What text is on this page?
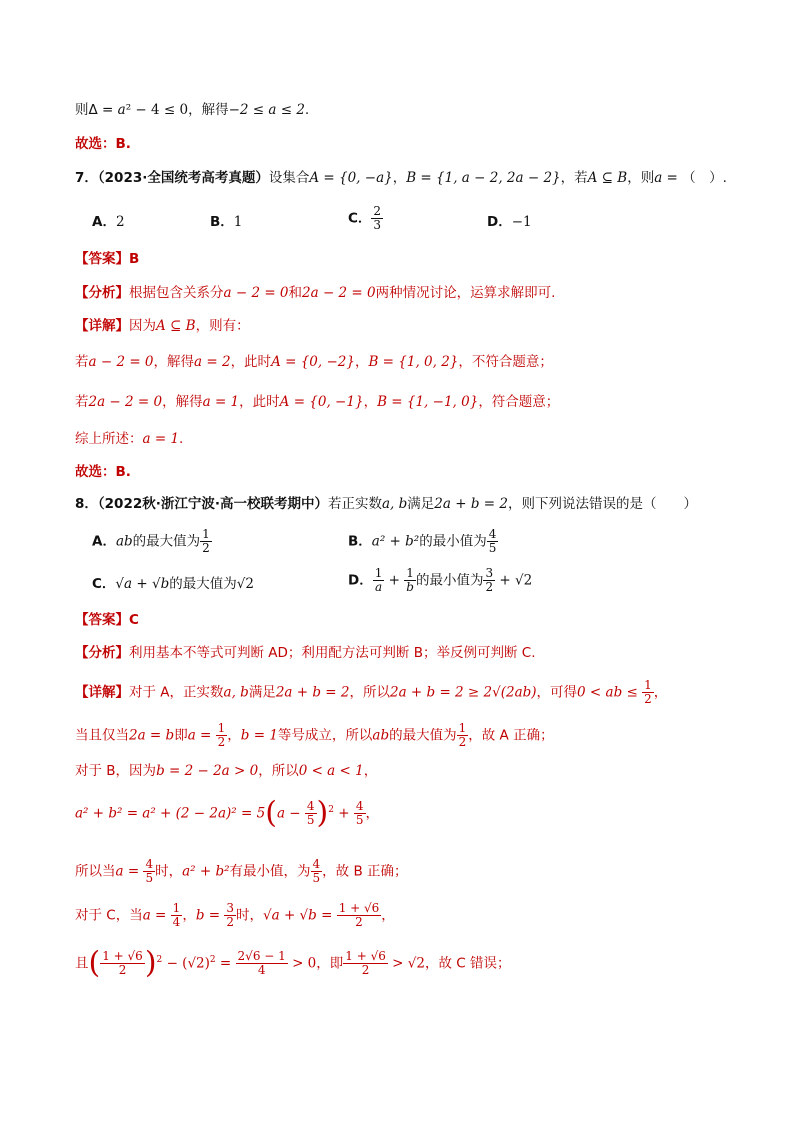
则Δ = a² − 4 ≤ 0，解得−2 ≤ a ≤ 2.
故选：B.
7．（2023·全国统考高考真题）设集合A = {0, −a}，B = {1, a − 2, 2a − 2}，若A ⊆ B，则a = （　）.
A．2	B．1	C． $\frac{2}{3}$	D．−1
【答案】B
【分析】根据包含关系分a − 2 = 0和2a − 2 = 0两种情况讨论，运算求解即可.
【详解】因为A ⊆ B，则有：
若a − 2 = 0，解得a = 2，此时A = {0, −2}，B = {1, 0, 2}，不符合题意；
若2a − 2 = 0，解得a = 1，此时A = {0, −1}，B = {1, −1, 0}，符合题意；
综上所述：a = 1.
故选：B.
8．（2022秋·浙江宁波·高一校联考期中）若正实数a, b满足2a + b = 2，则下列说法错误的是（　　）
A．ab的最大值为 $\frac{1}{2}$	B．a² + b²的最小值为 $\frac{4}{5}$
C．√a + √b的最大值为√2	D． $\frac{1}{a} + \frac{1}{b}$ 的最小值为 $\frac{3}{2} + √2$
【答案】C
【分析】利用基本不等式可判断 AD；利用配方法可判断 B；举反例可判断 C.
【详解】对于 A，正实数a, b满足2a + b = 2，所以2a + b = 2 ≥ 2√(2ab)，可得0 < ab ≤ $\frac{1}{2}$ ，
当且仅当2a = b即$a = \frac{1}{2}$ ，b = 1等号成立，所以ab的最大值为 $\frac{1}{2}$ ，故 A 正确；
对于 B，因为b = 2 − 2a > 0，所以0 < a < 1，
$a^2 + b^2 = a^2 + (2 - 2a)^2 = 5(a - \frac{4}{5} )^2 + \frac{4}{5}$ ，
所以当$a = \frac{4}{5}$ 时，a² + b²有最小值，为 $\frac{4}{5}$ ，故 B 正确；
对于 C，当$a = \frac{1}{4}$ ，$b = \frac{3}{2}$ 时，$√a + √b = \frac{1 + √6}{2}$ ，
且( $\frac{1 + √6}{2} )^2 - (√2)^2 = \frac{2√6 - 1}{4} > 0$，即 $\frac{1 + √6}{2} > √2$，故 C 错误；
